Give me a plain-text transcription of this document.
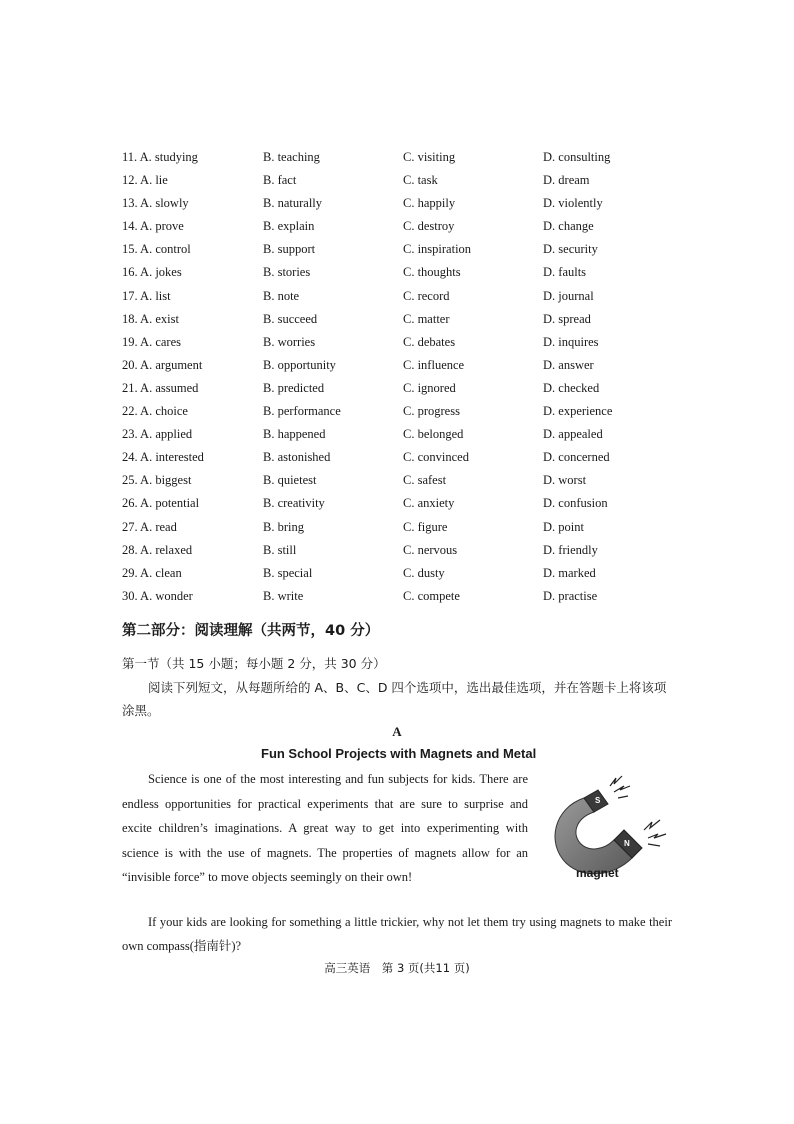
11. A. studying	B. teaching	C. visiting	D. consulting
12. A. lie	B. fact	C. task	D. dream
13. A. slowly	B. naturally	C. happily	D. violently
14. A. prove	B. explain	C. destroy	D. change
15. A. control	B. support	C. inspiration	D. security
16. A. jokes	B. stories	C. thoughts	D. faults
17. A. list	B. note	C. record	D. journal
18. A. exist	B. succeed	C. matter	D. spread
19. A. cares	B. worries	C. debates	D. inquires
20. A. argument	B. opportunity	C. influence	D. answer
21. A. assumed	B. predicted	C. ignored	D. checked
22. A. choice	B. performance	C. progress	D. experience
23. A. applied	B. happened	C. belonged	D. appealed
24. A. interested	B. astonished	C. convinced	D. concerned
25. A. biggest	B. quietest	C. safest	D. worst
26. A. potential	B. creativity	C. anxiety	D. confusion
27. A. read	B. bring	C. figure	D. point
28. A. relaxed	B. still	C. nervous	D. friendly
29. A. clean	B. special	C. dusty	D. marked
30. A. wonder	B. write	C. compete	D. practise
第二部分：阅读理解（共两节，40 分）
第一节（共 15 小题；每小题 2 分，共 30 分）
阅读下列短文，从每题所给的 A、B、C、D 四个选项中，选出最佳选项，并在答题卡上将该项涂黑。
A
Fun School Projects with Magnets and Metal
Science is one of the most interesting and fun subjects for kids. There are endless opportunities for practical experiments that are sure to surprise and excite children’s imaginations. A great way to get into experimenting with science is with the use of magnets. The properties of magnets allow for an “invisible force” to move objects seemingly on their own!
S
N
magnet
If your kids are looking for something a little trickier, why not let them try using magnets to make their own compass(指南针)?
高三英语　第 3 页(共11 页)
